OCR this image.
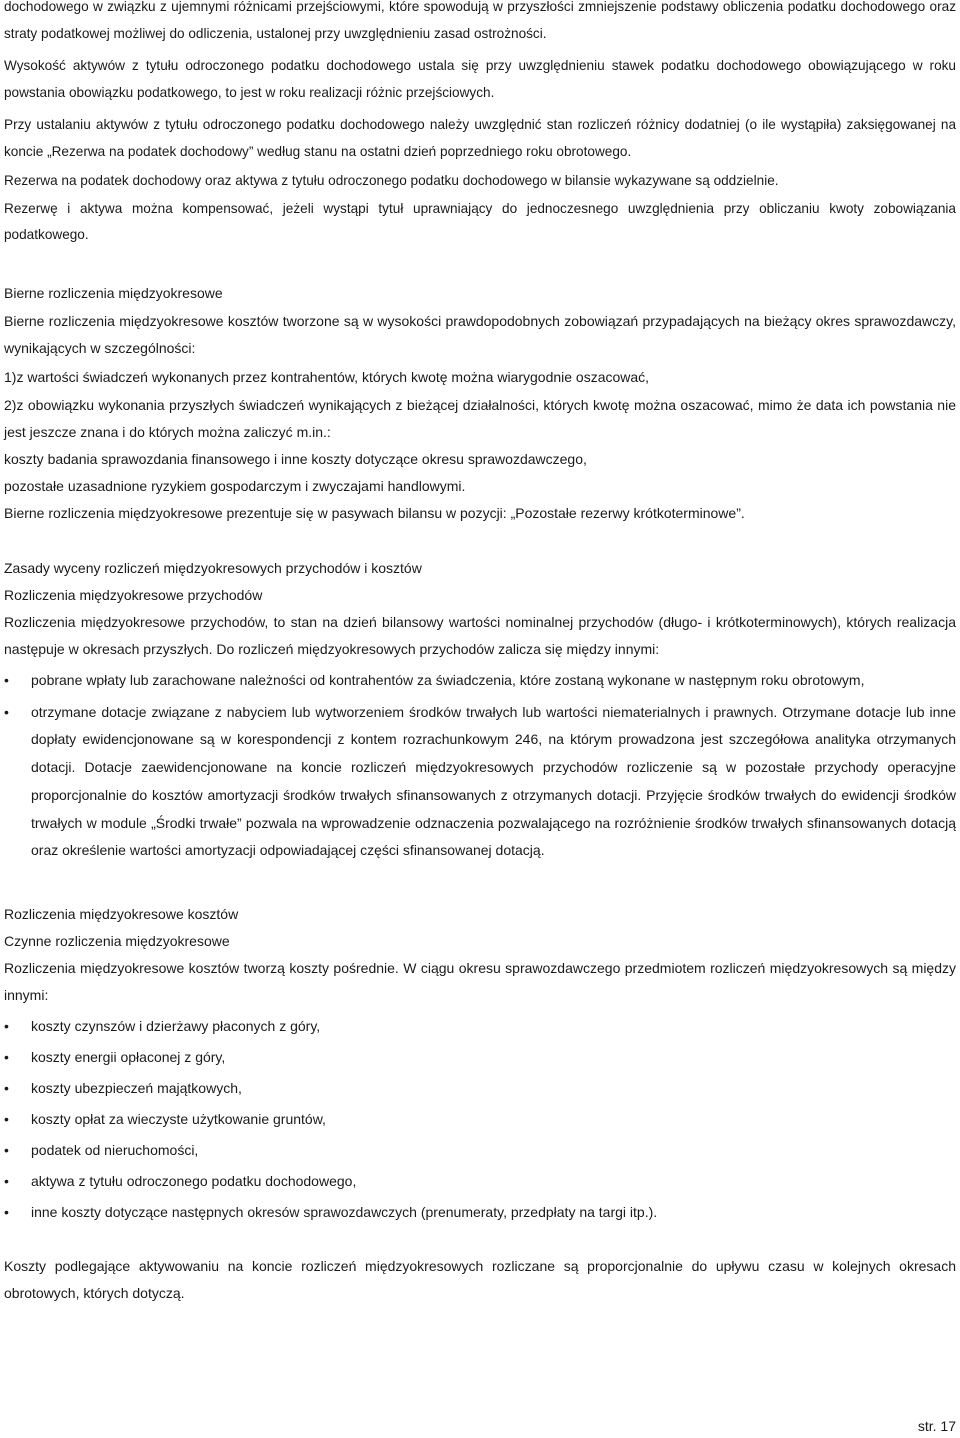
dochodowego w związku z ujemnymi różnicami przejściowymi, które spowodują w przyszłości zmniejszenie podstawy obliczenia podatku dochodowego oraz straty podatkowej możliwej do odliczenia, ustalonej przy uwzględnieniu zasad ostrożności.

Wysokość aktywów z tytułu odroczonego podatku dochodowego ustala się przy uwzględnieniu stawek podatku dochodowego obowiązującego w roku powstania obowiązku podatkowego, to jest w roku realizacji różnic przejściowych.

Przy ustalaniu aktywów z tytułu odroczonego podatku dochodowego należy uwzględnić stan rozliczeń różnicy dodatniej (o ile wystąpiła) zaksięgowanej na koncie „Rezerwa na podatek dochodowy” według stanu na ostatni dzień poprzedniego roku obrotowego.

Rezerwa na podatek dochodowy oraz aktywa z tytułu odroczonego podatku dochodowego w bilansie wykazywane są oddzielnie.

Rezerwę i aktywa można kompensować, jeżeli wystąpi tytuł uprawniający do jednoczesnego uwzględnienia przy obliczaniu kwoty zobowiązania podatkowego.

Bierne rozliczenia międzyokresowe

Bierne rozliczenia międzyokresowe kosztów tworzone są w wysokości prawdopodobnych zobowiązań przypadających na bieżący okres sprawozdawczy, wynikających w szczególności:

1)z wartości świadczeń wykonanych przez kontrahentów, których kwotę można wiarygodnie oszacować,

2)z obowiązku wykonania przyszłych świadczeń wynikających z bieżącej działalności, których kwotę można oszacować, mimo że data ich powstania nie jest jeszcze znana i do których można zaliczyć m.in.:

koszty badania sprawozdania finansowego i inne koszty dotyczące okresu sprawozdawczego,

pozostałe uzasadnione ryzykiem gospodarczym i zwyczajami handlowymi.

Bierne rozliczenia międzyokresowe prezentuje się w pasywach bilansu w pozycji: „Pozostałe rezerwy krótkoterminowe”.

Zasady wyceny rozliczeń międzyokresowych przychodów i kosztów

Rozliczenia międzyokresowe przychodów

Rozliczenia międzyokresowe przychodów, to stan na dzień bilansowy wartości nominalnej przychodów (długo- i krótkoterminowych), których realizacja następuje w okresach przyszłych. Do rozliczeń międzyokresowych przychodów zalicza się między innymi:

• pobrane wpłaty lub zarachowane należności od kontrahentów za świadczenia, które zostaną wykonane w następnym roku obrotowym,
• otrzymane dotacje związane z nabyciem lub wytworzeniem środków trwałych lub wartości niematerialnych i prawnych. Otrzymane dotacje lub inne dopłaty ewidencjonowane są w korespondencji z kontem rozrachunkowym 246, na którym prowadzona jest szczegółowa analityka otrzymanych dotacji. Dotacje zaewidencjonowane na koncie rozliczeń międzyokresowych przychodów rozliczenie są w pozostałe przychody operacyjne proporcjonalnie do kosztów amortyzacji środków trwałych sfinansowanych z otrzymanych dotacji. Przyjęcie środków trwałych do ewidencji środków trwałych w module „Środki trwałe” pozwala na wprowadzenie odznaczenia pozwalającego na rozróżnienie środków trwałych sfinansowanych dotacją oraz określenie wartości amortyzacji odpowiadającej części sfinansowanej dotacją.

Rozliczenia międzyokresowe kosztów

Czynne rozliczenia międzyokresowe

Rozliczenia międzyokresowe kosztów tworzą koszty pośrednie. W ciągu okresu sprawozdawczego przedmiotem rozliczeń międzyokresowych są między innymi:

• koszty czynszów i dzierżawy płaconych z góry,
• koszty energii opłaconej z góry,
• koszty ubezpieczeń majątkowych,
• koszty opłat za wieczyste użytkowanie gruntów,
• podatek od nieruchomości,
• aktywa z tytułu odroczonego podatku dochodowego,
• inne koszty dotyczące następnych okresów sprawozdawczych (prenumeraty, przedpłaty na targi itp.).

Koszty podlegające aktywowaniu na koncie rozliczeń międzyokresowych rozliczane są proporcjonalnie do upływu czasu w kolejnych okresach obrotowych, których dotyczą.

str. 17
